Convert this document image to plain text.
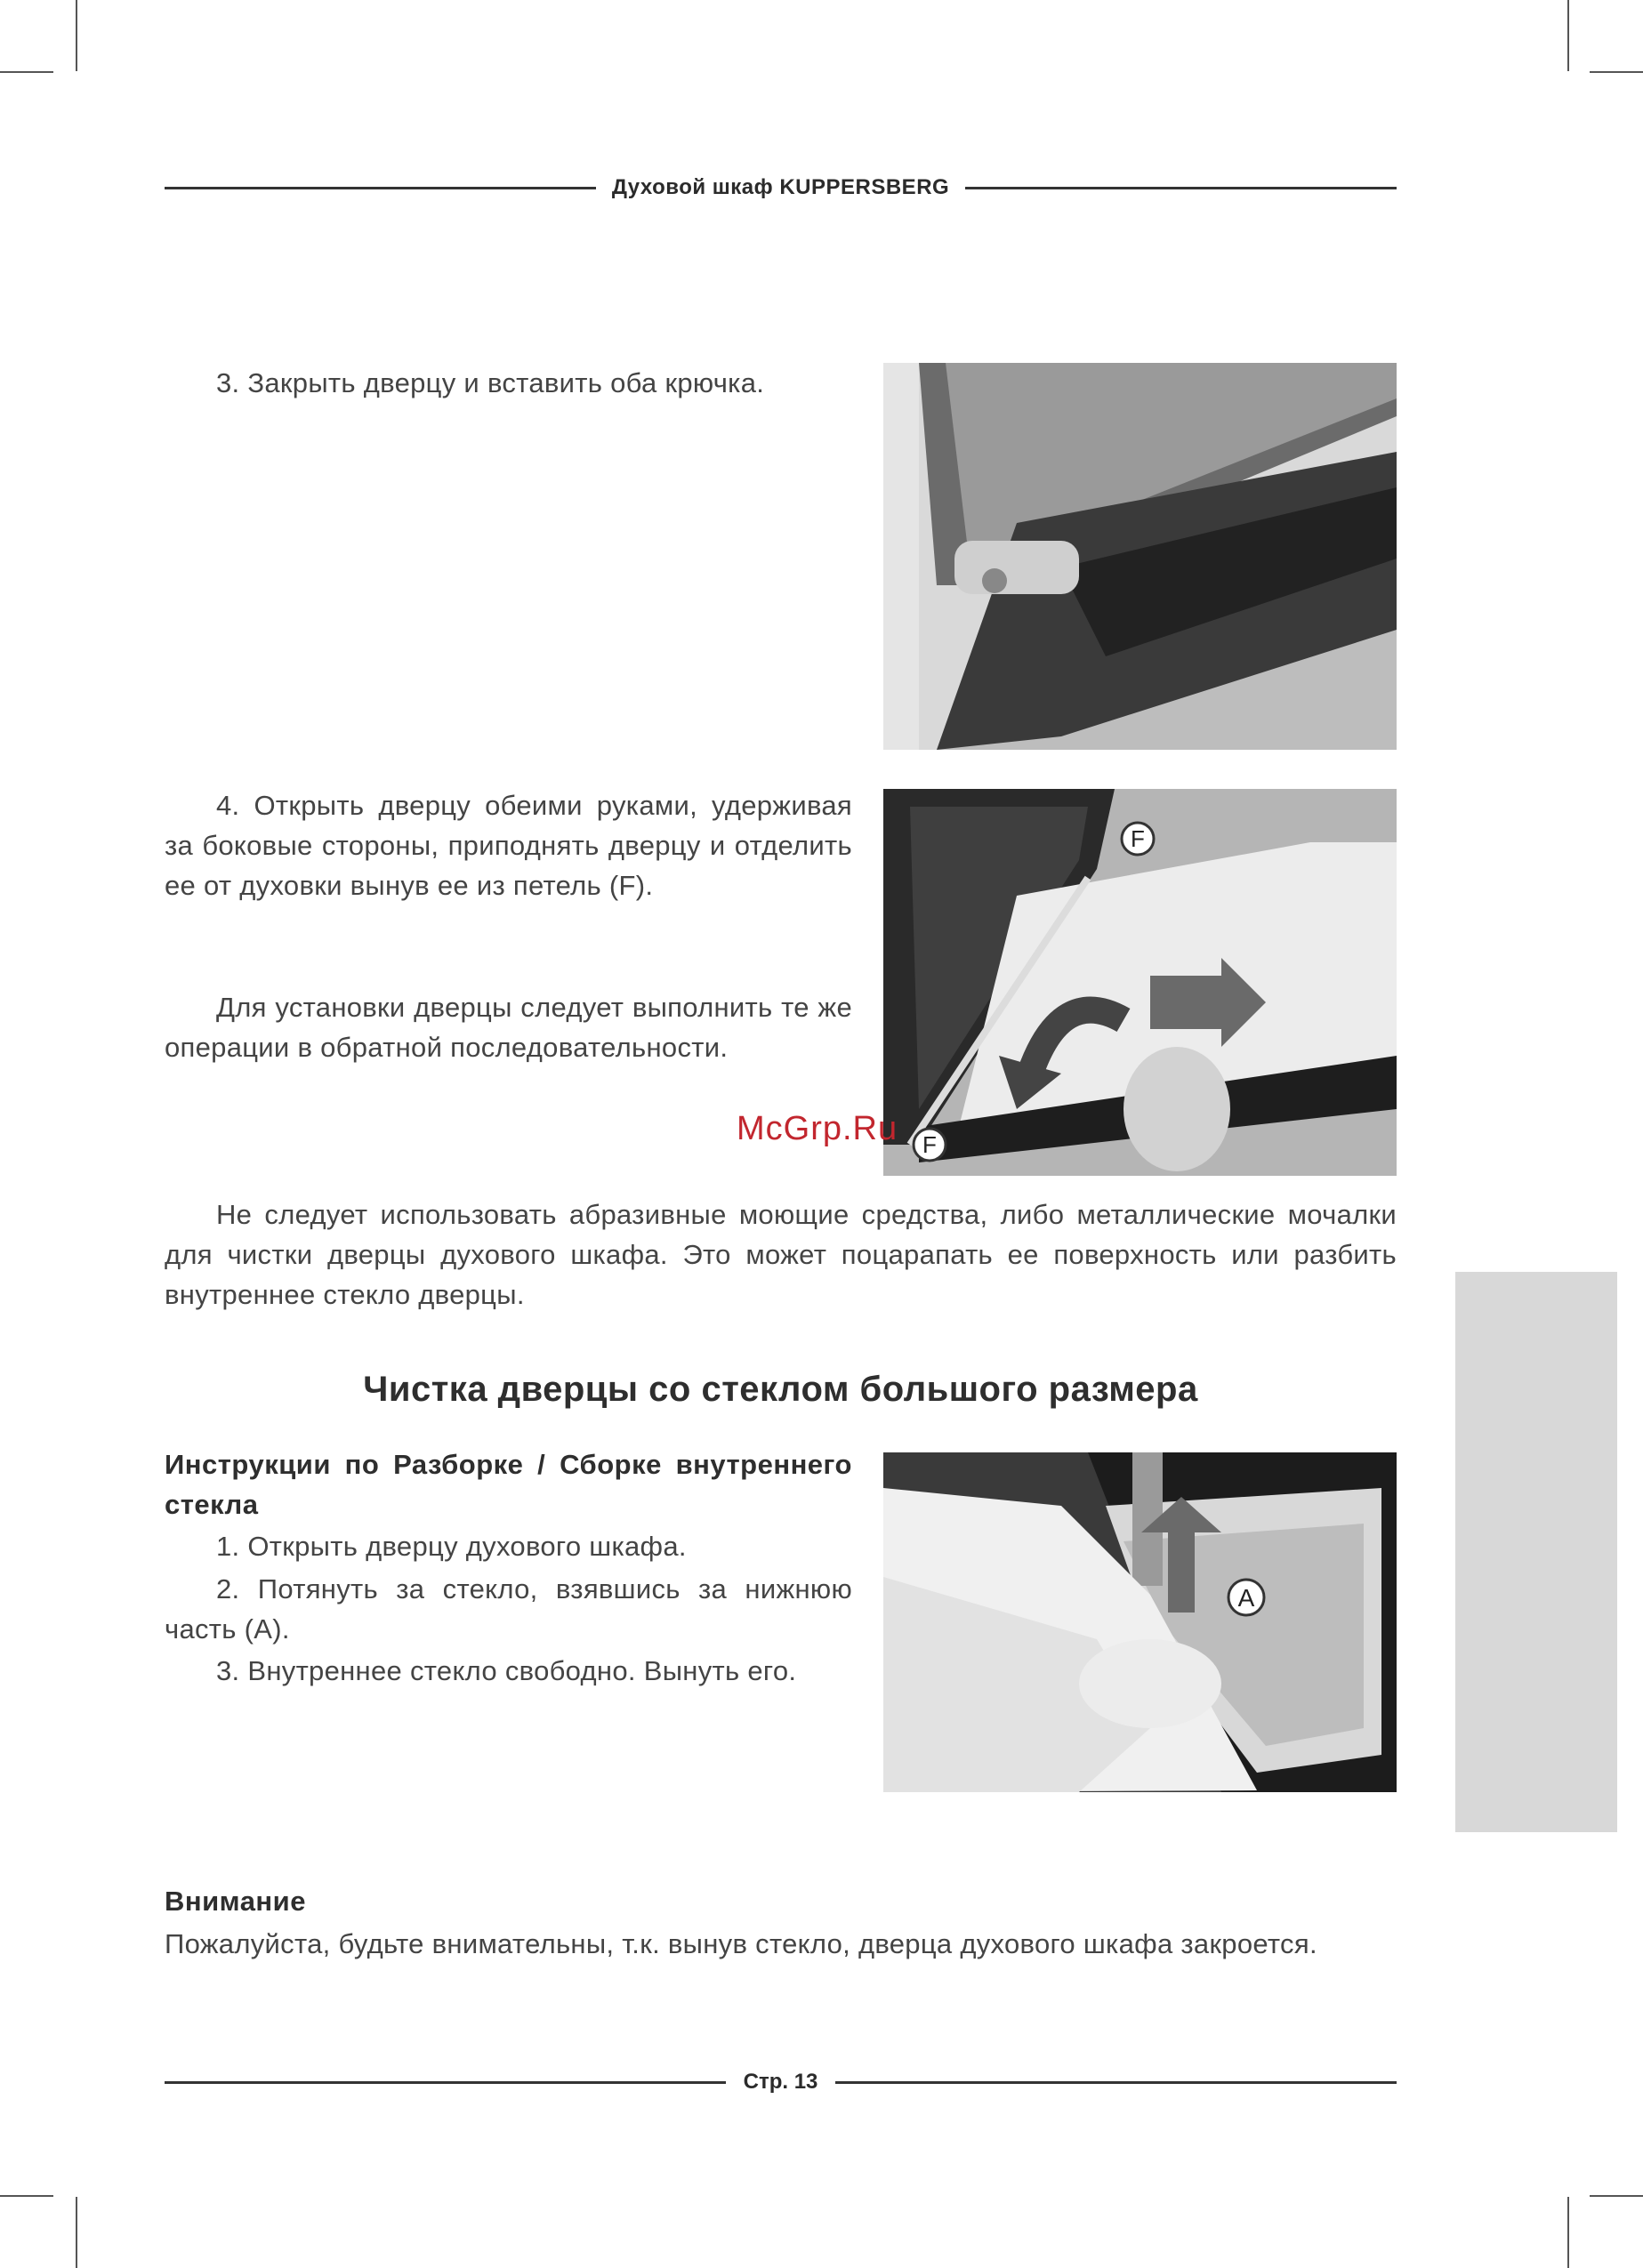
Духовой шкаф KUPPERSBERG
3. Закрыть дверцу и вставить оба крючка.
4. Открыть дверцу обеими руками, удерживая за боковые стороны, приподнять дверцу и отделить ее от духовки вынув ее из петель (F).
Для установки дверцы следует выполнить те же операции в обратной последовательности.
F
F
McGrp.Ru
Не следует использовать абразивные моющие средства, либо металлические мочалки для чистки дверцы духового шкафа. Это может поцарапать ее поверхность или разбить внутреннее стекло дверцы.
Чистка дверцы со стеклом большого размера
Инструкции по Разборке / Сборке внутреннего стекла
1. Открыть дверцу духового шкафа.
2. Потянуть за стекло, взявшись за нижнюю часть (А).
3. Внутреннее стекло свободно. Вынуть его.
A
Внимание
Пожалуйста, будьте внимательны, т.к. вынув стекло, дверца духового шкафа закроется.
Стр. 13
